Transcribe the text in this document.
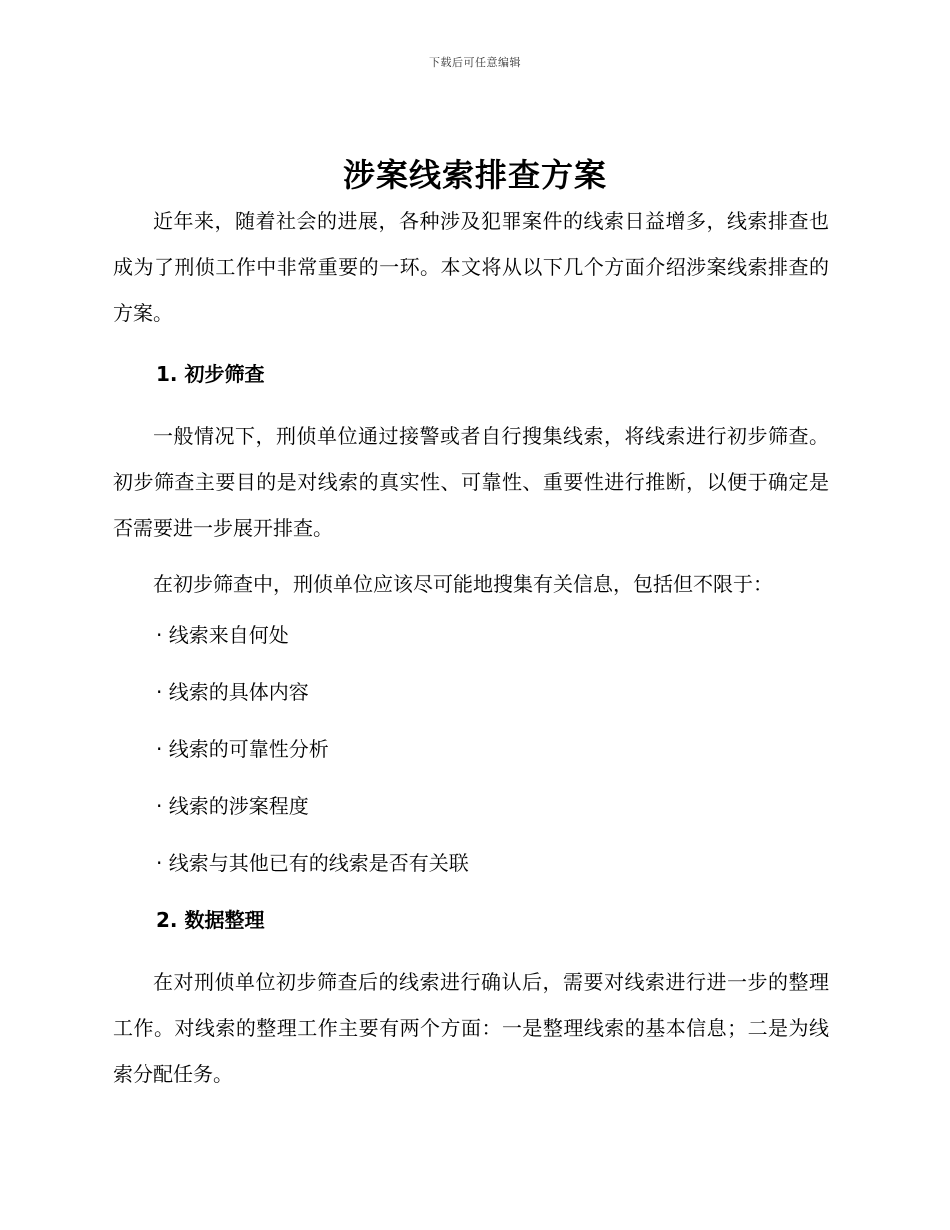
下载后可任意编辑
涉案线索排查方案

近年来，随着社会的进展，各种涉及犯罪案件的线索日益增多，线索排查也成为了刑侦工作中非常重要的一环。本文将从以下几个方面介绍涉案线索排查的方案。

1. 初步筛查

一般情况下，刑侦单位通过接警或者自行搜集线索，将线索进行初步筛查。初步筛查主要目的是对线索的真实性、可靠性、重要性进行推断，以便于确定是否需要进一步展开排查。

在初步筛查中，刑侦单位应该尽可能地搜集有关信息，包括但不限于：

· 线索来自何处

· 线索的具体内容

· 线索的可靠性分析

· 线索的涉案程度

· 线索与其他已有的线索是否有关联

2. 数据整理

在对刑侦单位初步筛查后的线索进行确认后，需要对线索进行进一步的整理工作。对线索的整理工作主要有两个方面：一是整理线索的基本信息；二是为线索分配任务。
